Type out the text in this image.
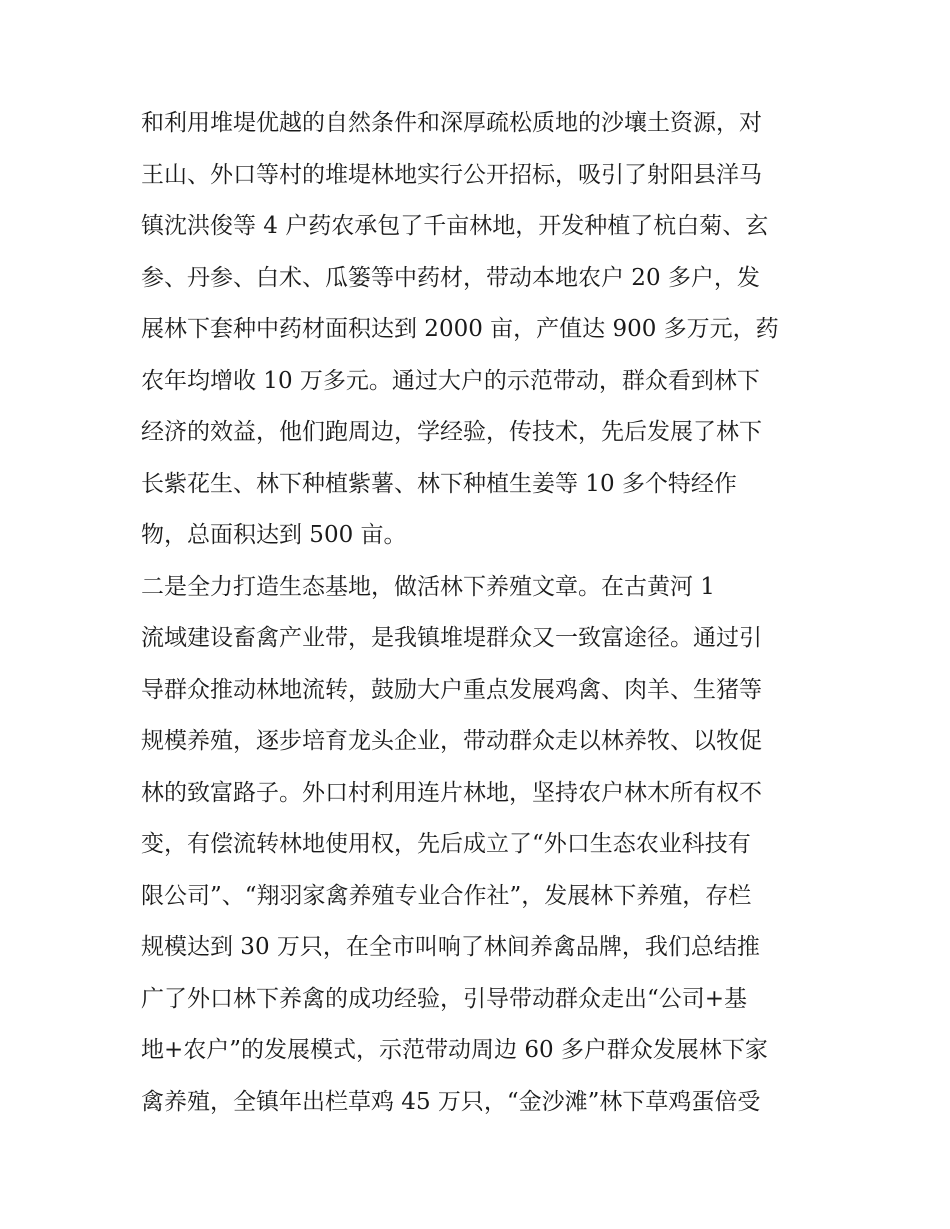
和利用堆堤优越的自然条件和深厚疏松质地的沙壤土资源，对
王山、外口等村的堆堤林地实行公开招标，吸引了射阳县洋马
镇沈洪俊等 4 户药农承包了千亩林地，开发种植了杭白菊、玄
参、丹参、白术、瓜篓等中药材，带动本地农户 20 多户，发
展林下套种中药材面积达到 2000 亩，产值达 900 多万元，药
农年均增收 10 万多元。通过大户的示范带动，群众看到林下
经济的效益，他们跑周边，学经验，传技术，先后发展了林下
长紫花生、林下种植紫薯、林下种植生姜等 10 多个特经作
物，总面积达到 500 亩。
二是全力打造生态基地，做活林下养殖文章。在古黄河 1
流域建设畜禽产业带，是我镇堆堤群众又一致富途径。通过引
导群众推动林地流转，鼓励大户重点发展鸡禽、肉羊、生猪等
规模养殖，逐步培育龙头企业，带动群众走以林养牧、以牧促
林的致富路子。外口村利用连片林地，坚持农户林木所有权不
变，有偿流转林地使用权，先后成立了“外口生态农业科技有
限公司”、“翔羽家禽养殖专业合作社”，发展林下养殖，存栏
规模达到 30 万只，在全市叫响了林间养禽品牌，我们总结推
广了外口林下养禽的成功经验，引导带动群众走出“公司+基
地+农户”的发展模式，示范带动周边 60 多户群众发展林下家
禽养殖，全镇年出栏草鸡 45 万只，“金沙滩”林下草鸡蛋倍受
